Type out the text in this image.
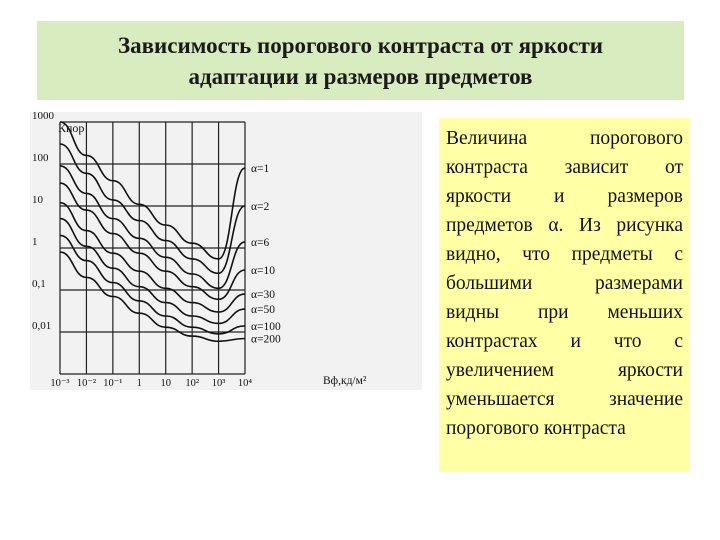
Зависимость порогового контраста от яркости
адаптации и размеров предметов
Кпор
Вф,кд/м²
1000
100
10
1
0,1
0,01
10⁻³ 10⁻² 10⁻¹ 1 10 10² 10³ 10⁴
α=1
α=2
α=6
α=10
α=30
α=50
α=100
α=200

Величина порогового контраста зависит от яркости и размеров предметов α. Из рисунка видно, что предметы с большими размерами видны при меньших контрастах и что с увеличением яркости уменьшается значение порогового контраста
